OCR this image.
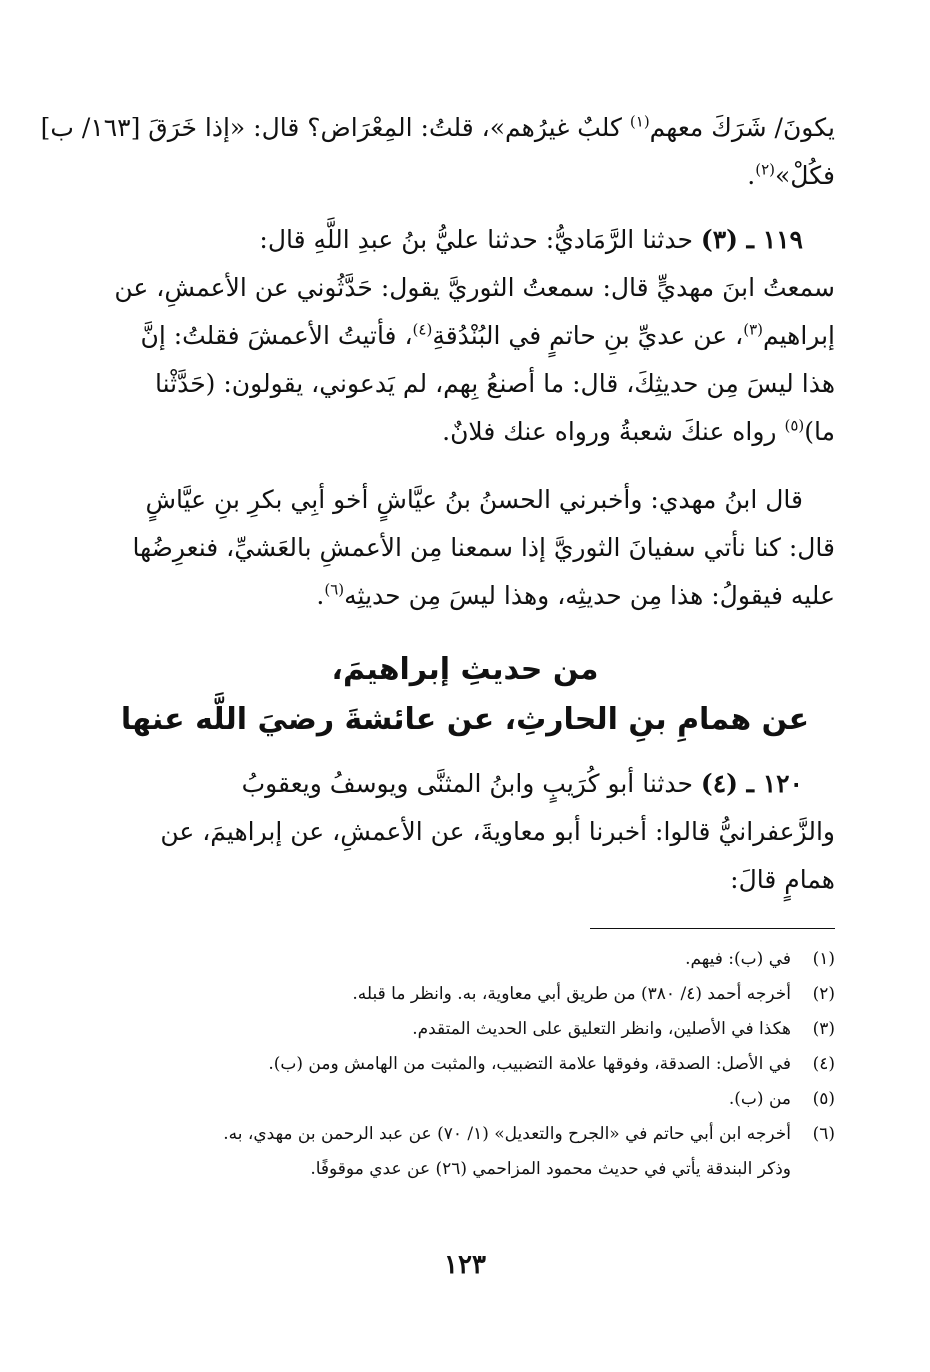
يكونَ/ شَرَكَ معهم$^{(١)}$ كلبٌ غيرُهم»، قلتُ: المِعْرَاض؟ قال: «إذا خَرَقَ [١٦٣/ ب]
فكُلْ»$^{(٢)}$.
١١٩ ـ (٣) حدثنا الرَّمَاديُّ: حدثنا عليُّ بنُ عبدِ اللَّهِ قال:
سمعتُ ابنَ مهديٍّ قال: سمعتُ الثوريَّ يقول: حَدَّثُوني عن الأعمشِ، عن
إبراهيم$^{(٣)}$، عن عديِّ بنِ حاتمٍ في البُنْدُقةِ$^{(٤)}$، فأتيتُ الأعمشَ فقلتُ: إنَّ
هذا ليسَ مِن حديثِكَ، قال: ما أصنعُ بِهم، لم يَدعوني، يقولون: (حَدَّثْنا
ما)$^{(٥)}$ رواه عنكَ شعبةُ ورواه عنك فلانٌ.
قال ابنُ مهدي: وأخبرني الحسنُ بنُ عيَّاشٍ أخو أبِي بكرِ بنِ عيَّاشٍ
قال: كنا نأتي سفيانَ الثوريَّ إذا سمعنا مِن الأعمشِ بالعَشيِّ، فنعرِضُها
عليه فيقولُ: هذا مِن حديثِه، وهذا ليسَ مِن حديثِه$^{(٦)}$.
من حديثِ إبراهيمَ،
عن همامِ بنِ الحارثِ، عن عائشةَ رضيَ اللَّه عنها
١٢٠ ـ (٤) حدثنا أبو كُرَيبٍ وابنُ المثنَّى ويوسفُ ويعقوبُ
والزَّعفرانيُّ قالوا: أخبرنا أبو معاويةَ، عن الأعمشِ، عن إبراهيمَ، عن
همامٍ قالَ:
(١)في (ب): فيهم.
(٢)أخرجه أحمد (٤/ ٣٨٠) من طريق أبي معاوية، به. وانظر ما قبله.
(٣)هكذا في الأصلين، وانظر التعليق على الحديث المتقدم.
(٤)في الأصل: الصدقة، وفوقها علامة التضبيب، والمثبت من الهامش ومن (ب).
(٥)من (ب).
(٦)أخرجه ابن أبي حاتم في «الجرح والتعديل» (١/ ٧٠) عن عبد الرحمن بن مهدي، به.
وذكر البندقة يأتي في حديث محمود المزاحمي (٢٦) عن عدي موقوفًا.
١٢٣
